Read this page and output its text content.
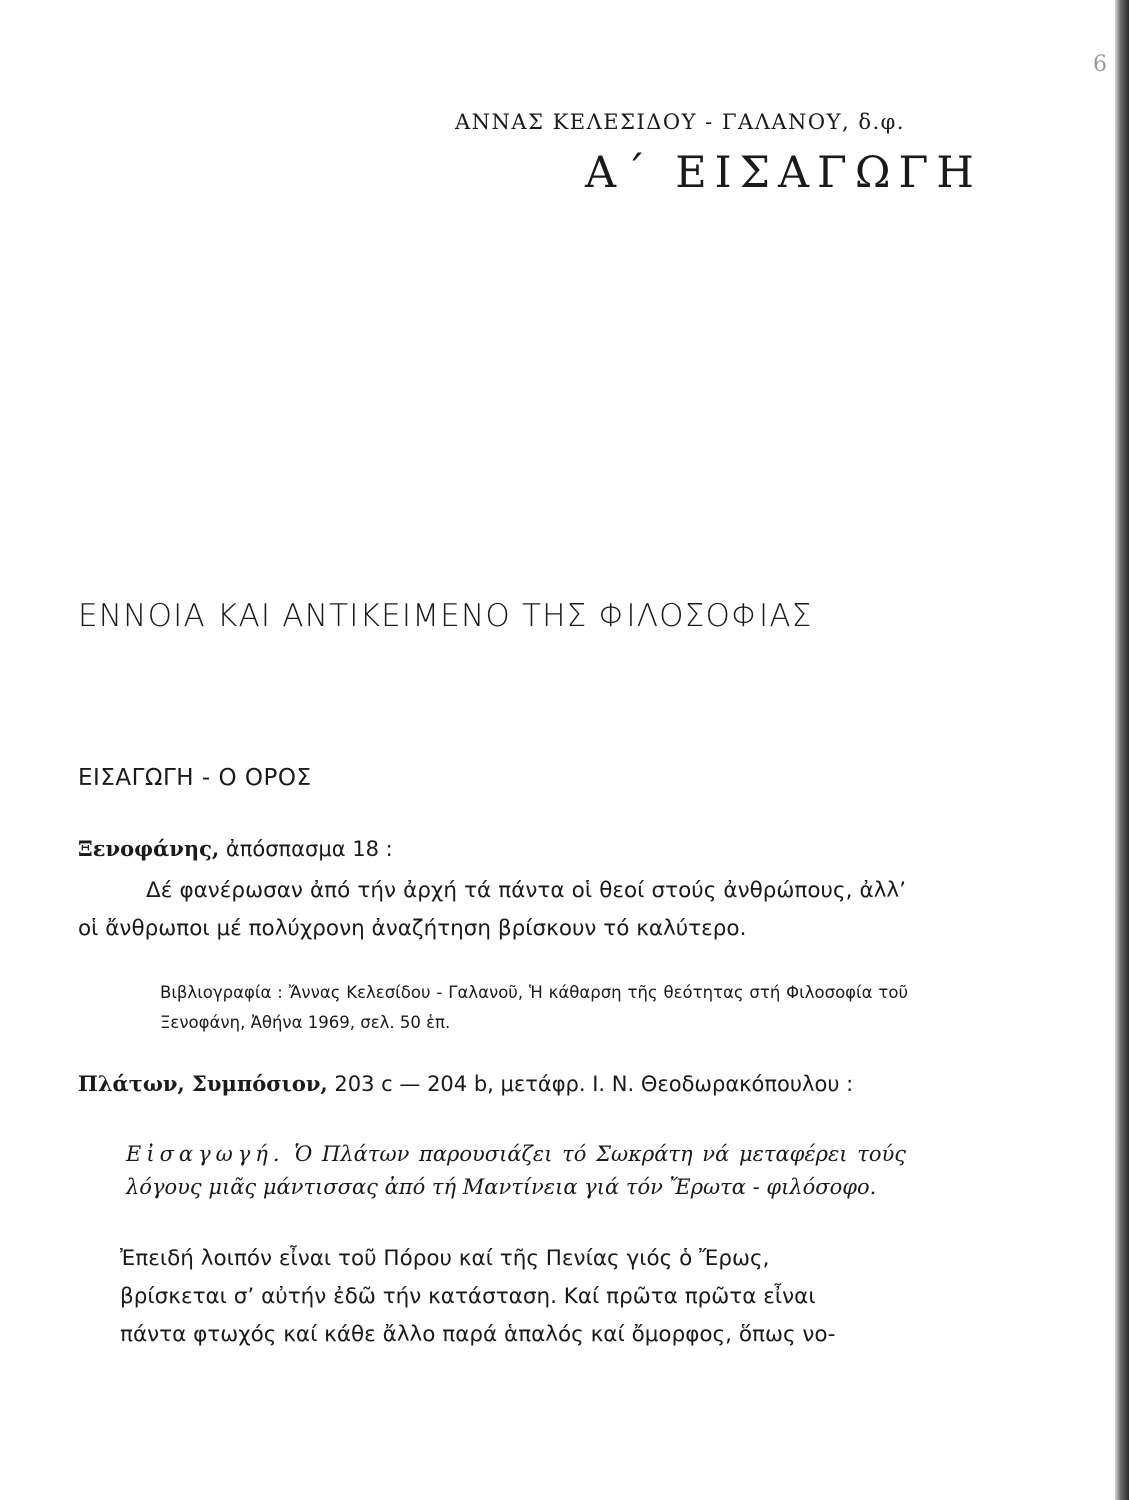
6
ΑΝΝΑΣ ΚΕΛΕΣΙΔΟΥ - ΓΑΛΑΝΟΥ, δ.φ.
Α΄ ΕΙΣΑΓΩΓΗ
ΕΝΝΟΙΑ ΚΑΙ ΑΝΤΙΚΕΙΜΕΝΟ ΤΗΣ ΦΙΛΟΣΟΦΙΑΣ
ΕΙΣΑΓΩΓΗ - Ο ΟΡΟΣ
Ξενοφάνης, ἀπόσπασμα 18 :
Δέ φανέρωσαν ἀπό τήν ἀρχή τά πάντα οἱ θεοί στούς ἀνθρώπους, ἀλλ’ οἱ ἄνθρωποι μέ πολύχρονη ἀναζήτηση βρίσκουν τό καλύτερο.
Βιβλιογραφία : Ἄννας Κελεσίδου - Γαλανοῦ, Ἡ κάθαρση τῆς θεότητας στή Φιλοσοφία τοῦ Ξενοφάνη, Ἀθήνα 1969, σελ. 50 ἑπ.
Πλάτων, Συμπόσιον, 203 c — 204 b, μετάφρ. Ι. Ν. Θεοδωρακόπουλου :
Εἰσαγωγή. Ὁ Πλάτων παρουσιάζει τό Σωκράτη νά μεταφέρει τούς λόγους μιᾶς μάντισσας ἀπό τή Μαντίνεια γιά τόν Ἔρωτα - φιλόσοφο.
Ἐπειδή λοιπόν εἶναι τοῦ Πόρου καί τῆς Πενίας γιός ὁ Ἔρως,
βρίσκεται σ’ αὐτήν ἐδῶ τήν κατάσταση. Καί πρῶτα πρῶτα εἶναι
πάντα φτωχός καί κάθε ἄλλο παρά ἁπαλός καί ὄμορφος, ὅπως νο-
